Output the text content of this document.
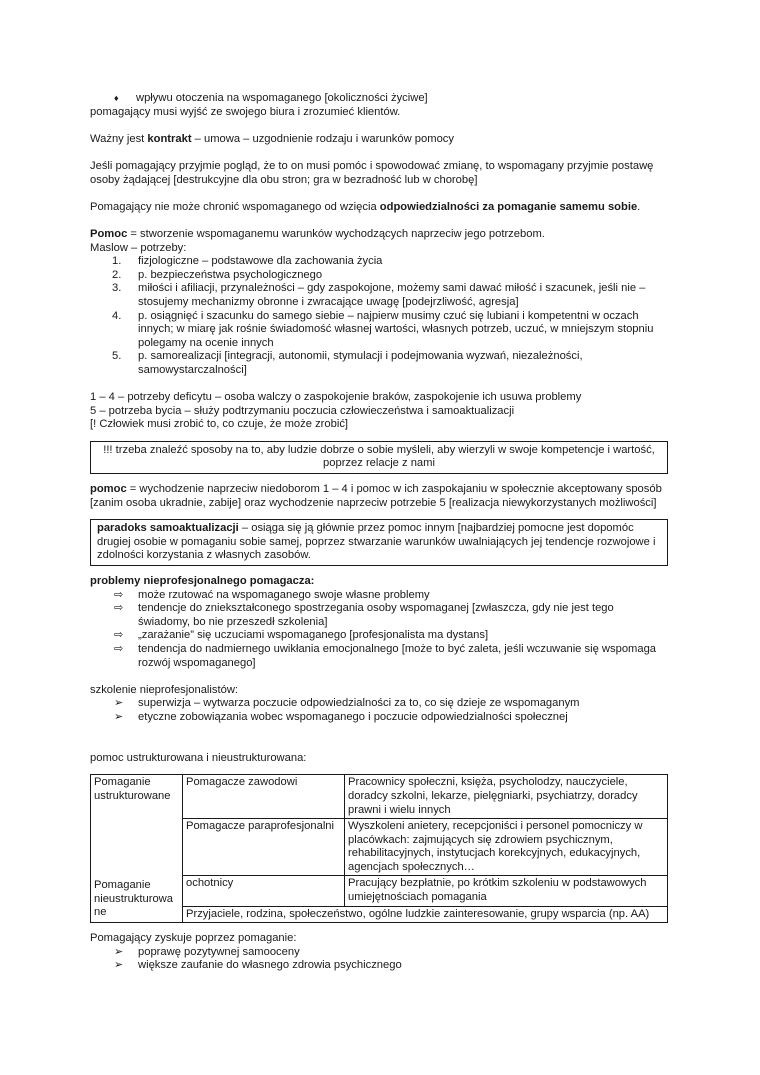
♦	wpływu otoczenia na wspomaganego [okoliczności życiwe]

pomagający musi wyjść ze swojego biura i zrozumieć klientów.

Ważny jest kontrakt – umowa – uzgodnienie rodzaju i warunków pomocy

Jeśli pomagający przyjmie pogląd, że to on musi pomóc i spowodować zmianę, to wspomagany przyjmie postawę osoby żądającej [destrukcyjne dla obu stron; gra w bezradność lub w chorobę]

Pomagający nie może chronić wspomaganego od wzięcia odpowiedzialności za pomaganie samemu sobie.

Pomoc = stworzenie wspomaganemu warunków wychodzących naprzeciw jego potrzebom.

Maslow – potrzeby:

1. fizjologiczne – podstawowe dla zachowania życia
2. p. bezpieczeństwa psychologicznego
3. miłości i afiliacji, przynależności – gdy zaspokojone, możemy sami dawać miłość i szacunek, jeśli nie – stosujemy mechanizmy obronne i zwracające uwagę [podejrzliwość, agresja]
4. p. osiągnięć i szacunku do samego siebie – najpierw musimy czuć się lubiani i kompetentni w oczach innych; w miarę jak rośnie świadomość własnej wartości, własnych potrzeb, uczuć, w mniejszym stopniu polegamy na ocenie innych
5. p. samorealizacji [integracji, autonomii, stymulacji i podejmowania wyzwań, niezależności, samowystarczalności]

1 – 4 – potrzeby deficytu – osoba walczy o zaspokojenie braków, zaspokojenie ich usuwa problemy

5 – potrzeba bycia – służy podtrzymaniu poczucia człowieczeństwa i samoaktualizacji

[! Człowiek musi zrobić to, co czuje, że może zrobić]

!!! trzeba znaleźć sposoby na to, aby ludzie dobrze o sobie myśleli, aby wierzyli w swoje kompetencje i wartość, poprzez relacje z nami

pomoc = wychodzenie naprzeciw niedoborom 1 – 4 i pomoc w ich zaspokajaniu w społecznie akceptowany sposób [zanim osoba ukradnie, zabije] oraz wychodzenie naprzeciw potrzebie 5 [realizacja niewykorzystanych możliwości]

paradoks samoaktualizacji – osiąga się ją głównie przez pomoc innym [najbardziej pomocne jest dopomóc drugiej osobie w pomaganiu sobie samej, poprzez stwarzanie warunków uwalniających jej tendencje rozwojowe i zdolności korzystania z własnych zasobów.

problemy nieprofesjonalnego pomagacza:

⇨ może rzutować na wspomaganego swoje własne problemy
⇨ tendencje do zniekształconego spostrzegania osoby wspomaganej [zwłaszcza, gdy nie jest tego świadomy, bo nie przeszedł szkolenia]
⇨ „zarażanie” się uczuciami wspomaganego [profesjonalista ma dystans]
⇨ tendencja do nadmiernego uwikłania emocjonalnego [może to być zaleta, jeśli wczuwanie się wspomaga rozwój wspomaganego]

szkolenie nieprofesjonalistów:

➢ superwizja – wytwarza poczucie odpowiedzialności za to, co się dzieje ze wspomaganym
➢ etyczne zobowiązania wobec wspomaganego i poczucie odpowiedzialności społecznej

pomoc ustrukturowana i nieustrukturowana:

Pomaganie ustrukturowane	Pomagacze zawodowi	Pracownicy społeczni, księża, psycholodzy, nauczyciele, doradcy szkolni, lekarze, pielęgniarki, psychiatrzy, doradcy prawni i wielu innych
	Pomagacze paraprofesjonalni	Wyszkoleni anietery, recepcjoniści i personel pomocniczy w placówkach: zajmujących się zdrowiem psychicznym, rehabilitacyjnych, instytucjach korekcyjnych, edukacyjnych, agencjach społecznych…
Pomaganie nieustrukturowa ne	ochotnicy	Pracujący bezpłatnie, po krótkim szkoleniu w podstawowych umiejętnościach pomagania
	Przyjaciele, rodzina, społeczeństwo, ogólne ludzkie zainteresowanie, grupy wsparcia (np. AA)	

Pomagający zyskuje poprzez pomaganie:

➢ poprawę pozytywnej samooceny
➢ większe zaufanie do własnego zdrowia psychicznego
